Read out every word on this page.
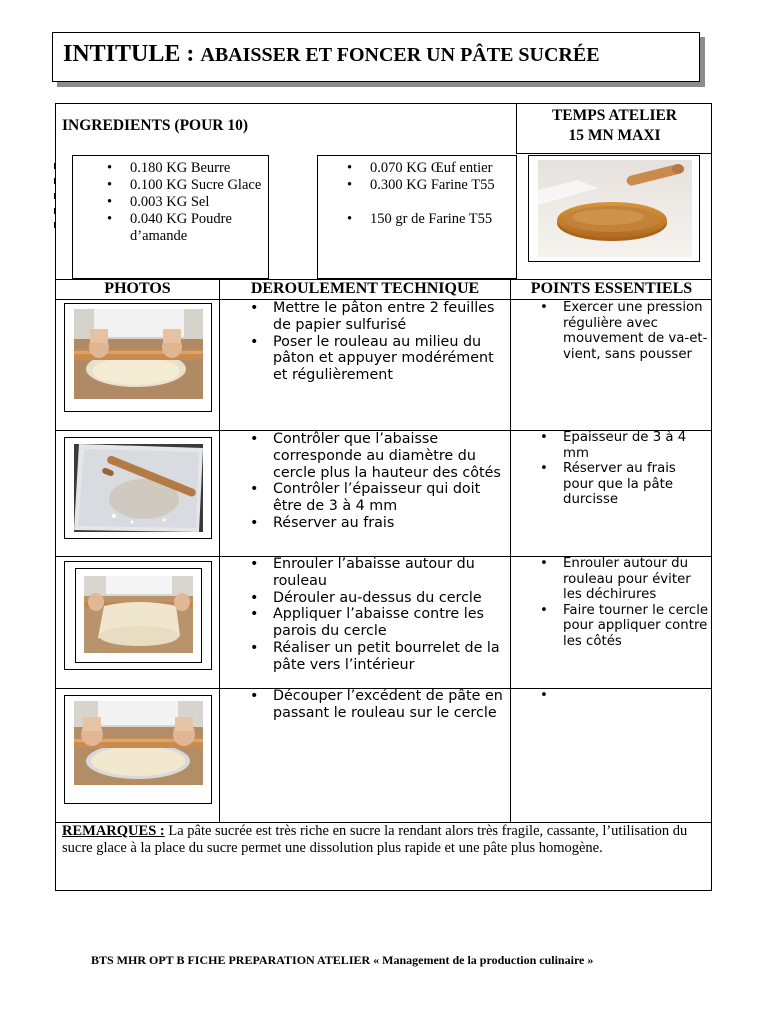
INTITULE : ABAISSER ET FONCER UN PÂTE SUCRÉE
INGREDIENTS (POUR 10)
TEMPS ATELIER
15 MN MAXI
• 0.180 KG Beurre
• 0.100 KG Sucre Glace
• 0.003 KG Sel
• 0.040 KG Poudre d’amande
• 0.070 KG Œuf entier
• 0.300 KG Farine T55
• 150 gr de Farine T55
PHOTOS	DEROULEMENT TECHNIQUE	POINTS ESSENTIELS
• Mettre le pâton entre 2 feuilles de papier sulfurisé
• Poser le rouleau au milieu du pâton et appuyer modérément et régulièrement
• Exercer une pression régulière avec mouvement de va-et-vient, sans pousser
• Contrôler que l’abaisse corresponde au diamètre du cercle plus la hauteur des côtés
• Contrôler l’épaisseur qui doit être de 3 à 4 mm
• Réserver au frais
• Epaisseur de 3 à 4 mm
• Réserver au frais pour que la pâte durcisse
• Enrouler l’abaisse autour du rouleau
• Dérouler au-dessus du cercle
• Appliquer l’abaisse contre les parois du cercle
• Réaliser un petit bourrelet de la pâte vers l’intérieur
• Enrouler autour du rouleau pour éviter les déchirures
• Faire tourner le cercle pour appliquer contre les côtés
• Découper l’excédent de pâte en passant le rouleau sur le cercle
•
REMARQUES : La pâte sucrée est très riche en sucre la rendant alors très fragile, cassante, l’utilisation du sucre glace à la place du sucre permet une dissolution plus rapide et une pâte plus homogène.
BTS MHR OPT B FICHE PREPARATION ATELIER « Management de la production culinaire »
